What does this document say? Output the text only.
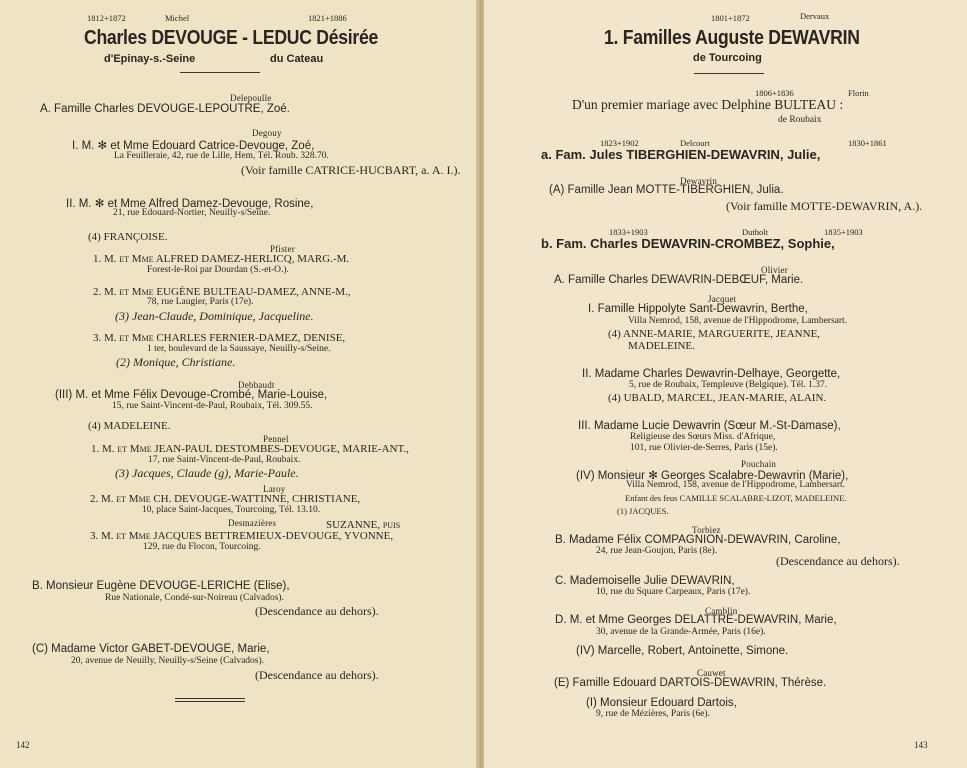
1812+1872	Michel	1821+1886
Charles DEVOUGE - LEDUC Désirée
d'Epinay-s.-Seine	du Cateau
Delepoulle
A. Famille Charles DEVOUGE-LEPOUTRE, Zoé.
Degouy
I. M. ✻ et Mme Edouard Catrice-Devouge, Zoé,
La Feuilleraie, 42, rue de Lille, Hem, Tél. Roub. 328.70.
(Voir famille CATRICE-HUCBART, a. A. I.).
II. M. ✻ et Mme Alfred Damez-Devouge, Rosine,
21, rue Edouard-Nortier, Neuilly-s/Seine.
(4) FRANÇOISE.
Pfister
1. M. et Mme ALFRED DAMEZ-HERLICQ, MARG.-M.
Forest-le-Roi par Dourdan (S.-et-O.).
2. M. et Mme EUGÈNE BULTEAU-DAMEZ, ANNE-M.,
78, rue Laugier, Paris (17e).
(3) Jean-Claude, Dominique, Jacqueline.
3. M. et Mme CHARLES FERNIER-DAMEZ, DENISE,
1 ter, boulevard de la Saussaye, Neuilly-s/Seine.
(2) Monique, Christiane.
Debbaudt
(III) M. et Mme Félix Devouge-Crombé, Marie-Louise,
15, rue Saint-Vincent-de-Paul, Roubaix, Tél. 309.55.
(4) MADELEINE.
Pennel
1. M. et Mme JEAN-PAUL DESTOMBES-DEVOUGE, MARIE-ANT.,
17, rue Saint-Vincent-de-Paul, Roubaix.
(3) Jacques, Claude (g), Marie-Paule.
Laroy
2. M. et Mme CH. DEVOUGE-WATTINNE, CHRISTIANE,
10, place Saint-Jacques, Tourcoing, Tél. 13.10.
Desmazières	SUZANNE, puis
3. M. et Mme JACQUES BETTREMIEUX-DEVOUGE, YVONNE,
129, rue du Flocon, Tourcoing.
B. Monsieur Eugène DEVOUGE-LERICHE (Elise),
Rue Nationale, Condé-sur-Noireau (Calvados).
(Descendance au dehors).
(C) Madame Victor GABET-DEVOUGE, Marie,
20, avenue de Neuilly, Neuilly-s/Seine (Calvados).
(Descendance au dehors).
142
1801+1872	Dervaux
1. Familles Auguste DEWAVRIN
de Tourcoing
1806+1836	Florin
D'un premier mariage avec Delphine BULTEAU :
de Roubaix
1823+1902	Delcourt	1830+1861
a. Fam. Jules TIBERGHIEN-DEWAVRIN, Julie,
Dewavrin
(A) Famille Jean MOTTE-TIBERGHIEN, Julia.
(Voir famille MOTTE-DEWAVRIN, A.).
1833+1903	Dutholt	1835+1903
b. Fam. Charles DEWAVRIN-CROMBEZ, Sophie,
Olivier
A. Famille Charles DEWAVRIN-DEBŒUF, Marie.
Jacquet
I. Famille Hippolyte Sant-Dewavrin, Berthe,
Villa Nemrod, 158, avenue de l'Hippodrome, Lambersart.
(4) ANNE-MARIE, MARGUERITE, JEANNE,
MADELEINE.
II. Madame Charles Dewavrin-Delhaye, Georgette,
5, rue de Roubaix, Templeuve (Belgique). Tél. 1.37.
(4) UBALD, MARCEL, JEAN-MARIE, ALAIN.
III. Madame Lucie Dewavrin (Sœur M.-St-Damase),
Religieuse des Sœurs Miss. d'Afrique,
101, rue Olivier-de-Serres, Paris (15e).
Pouchain
(IV) Monsieur ✻ Georges Scalabre-Dewavrin (Marie),
Villa Nemrod, 158, avenue de l'Hippodrome, Lambersart.
Enfant des feus CAMILLE SCALABRE-LIZOT, MADELEINE.
(1) JACQUES.
Torbiez
B. Madame Félix COMPAGNION-DEWAVRIN, Caroline,
24, rue Jean-Goujon, Paris (8e).
(Descendance au dehors).
C. Mademoiselle Julie DEWAVRIN,
10, rue du Square Carpeaux, Paris (17e).
Camblin
D. M. et Mme Georges DELATTRE-DEWAVRIN, Marie,
30, avenue de la Grande-Armée, Paris (16e).
(IV) Marcelle, Robert, Antoinette, Simone.
Cauwet
(E) Famille Edouard DARTOIS-DEWAVRIN, Thérèse.
(I) Monsieur Edouard Dartois,
9, rue de Mézières, Paris (6e).
143
